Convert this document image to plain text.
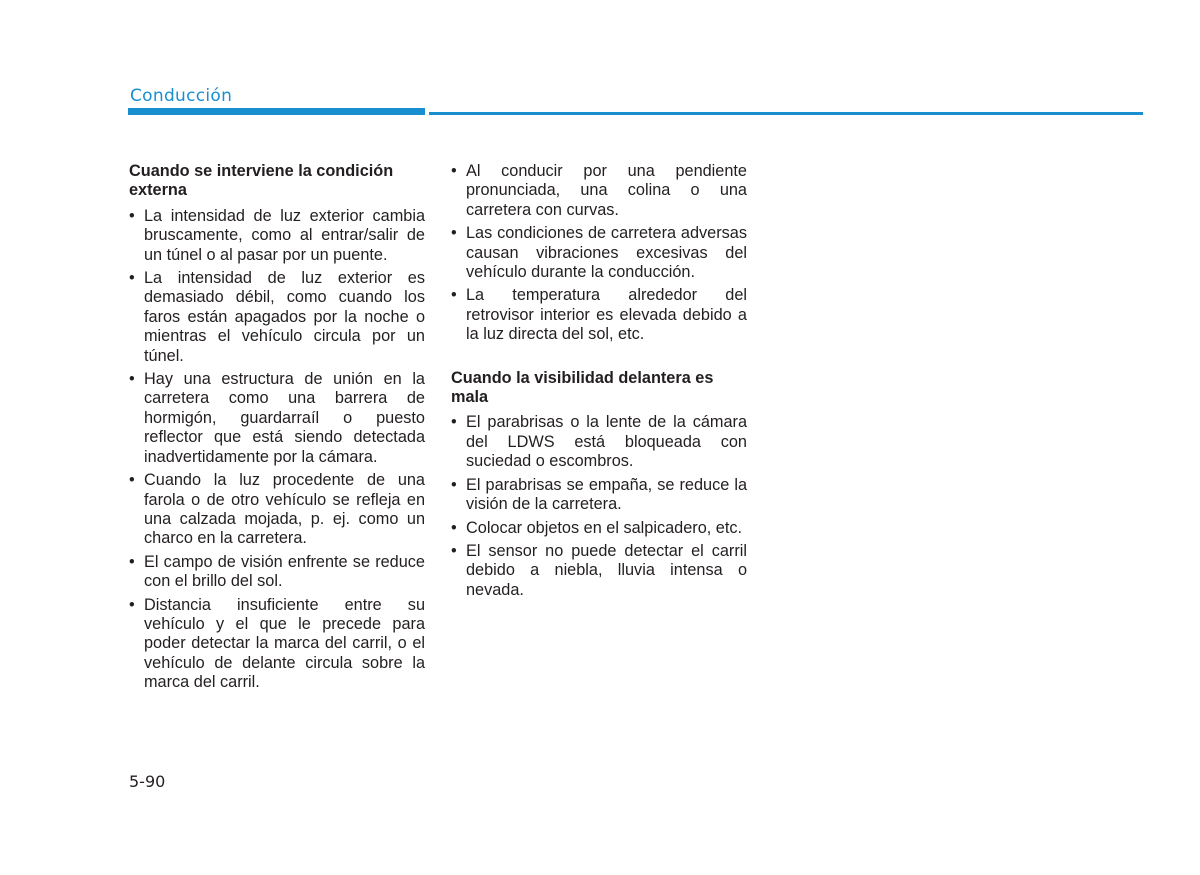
Conducción
Cuando se interviene la condición externa
• La intensidad de luz exterior cambia bruscamente, como al entrar/salir de un túnel o al pasar por un puente.
• La intensidad de luz exterior es demasiado débil, como cuando los faros están apagados por la noche o mientras el vehículo circula por un túnel.
• Hay una estructura de unión en la carretera como una barrera de hormigón, guardarraíl o puesto reflector que está siendo detectada inadvertidamente por la cámara.
• Cuando la luz procedente de una farola o de otro vehículo se refleja en una calzada mojada, p. ej. como un charco en la carretera.
• El campo de visión enfrente se reduce con el brillo del sol.
• Distancia insuficiente entre su vehículo y el que le precede para poder detectar la marca del carril, o el vehículo de delante circula sobre la marca del carril.
• Al conducir por una pendiente pronunciada, una colina o una carretera con curvas.
• Las condiciones de carretera adversas causan vibraciones excesivas del vehículo durante la conducción.
• La temperatura alrededor del retrovisor interior es elevada debido a la luz directa del sol, etc.
Cuando la visibilidad delantera es mala
• El parabrisas o la lente de la cámara del LDWS está bloqueada con suciedad o escombros.
• El parabrisas se empaña, se reduce la visión de la carretera.
• Colocar objetos en el salpicadero, etc.
• El sensor no puede detectar el carril debido a niebla, lluvia intensa o nevada.
5-90
